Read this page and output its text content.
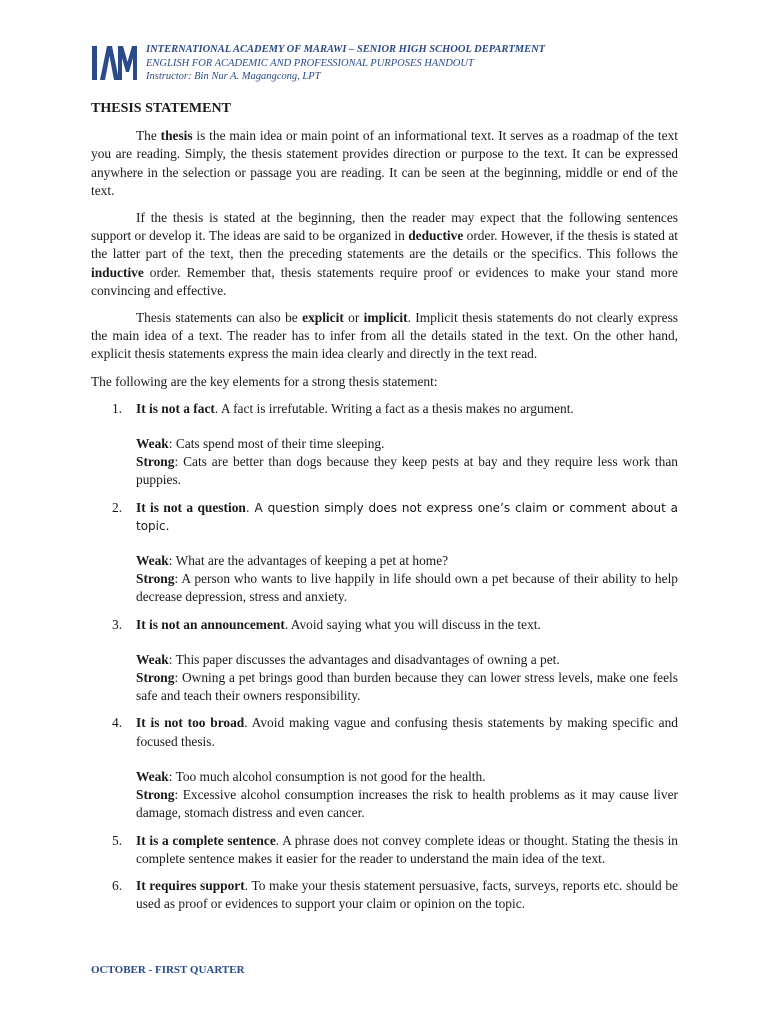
INTERNATIONAL ACADEMY OF MARAWI – SENIOR HIGH SCHOOL DEPARTMENT
ENGLISH FOR ACADEMIC AND PROFESSIONAL PURPOSES HANDOUT
Instructor: Bin Nur A. Magangcong, LPT
THESIS STATEMENT

The thesis is the main idea or main point of an informational text. It serves as a roadmap of the text you are reading. Simply, the thesis statement provides direction or purpose to the text. It can be expressed anywhere in the selection or passage you are reading. It can be seen at the beginning, middle or end of the text.

If the thesis is stated at the beginning, then the reader may expect that the following sentences support or develop it. The ideas are said to be organized in deductive order. However, if the thesis is stated at the latter part of the text, then the preceding statements are the details or the specifics. This follows the inductive order. Remember that, thesis statements require proof or evidences to make your stand more convincing and effective.

Thesis statements can also be explicit or implicit. Implicit thesis statements do not clearly express the main idea of a text. The reader has to infer from all the details stated in the text. On the other hand, explicit thesis statements express the main idea clearly and directly in the text read.

The following are the key elements for a strong thesis statement:
1. It is not a fact. A fact is irrefutable. Writing a fact as a thesis makes no argument.
Weak: Cats spend most of their time sleeping.
Strong: Cats are better than dogs because they keep pests at bay and they require less work than puppies.
2. It is not a question. A question simply does not express one’s claim or comment about a topic.
Weak: What are the advantages of keeping a pet at home?
Strong: A person who wants to live happily in life should own a pet because of their ability to help decrease depression, stress and anxiety.
3. It is not an announcement. Avoid saying what you will discuss in the text.
Weak: This paper discusses the advantages and disadvantages of owning a pet.
Strong: Owning a pet brings good than burden because they can lower stress levels, make one feels safe and teach their owners responsibility.
4. It is not too broad. Avoid making vague and confusing thesis statements by making specific and focused thesis.
Weak: Too much alcohol consumption is not good for the health.
Strong: Excessive alcohol consumption increases the risk to health problems as it may cause liver damage, stomach distress and even cancer.
5. It is a complete sentence. A phrase does not convey complete ideas or thought. Stating the thesis in complete sentence makes it easier for the reader to understand the main idea of the text.
6. It requires support. To make your thesis statement persuasive, facts, surveys, reports etc. should be used as proof or evidences to support your claim or opinion on the topic.
OCTOBER - FIRST QUARTER
